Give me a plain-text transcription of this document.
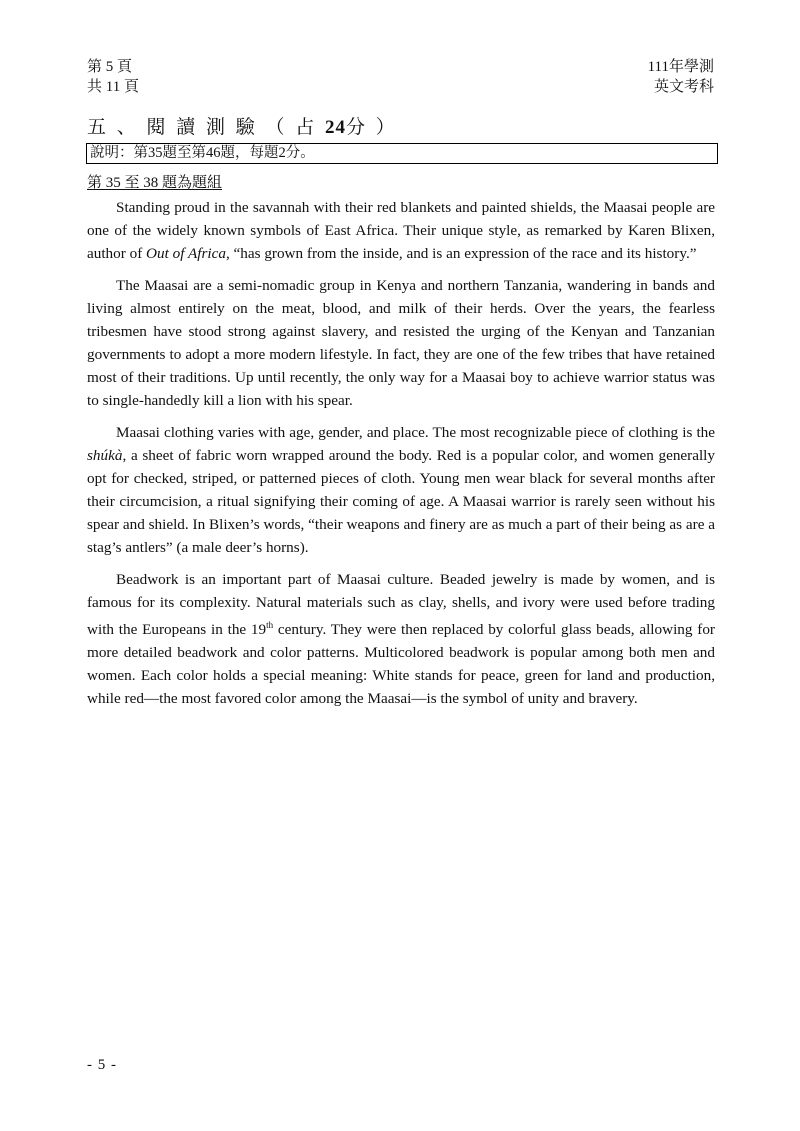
第 5 頁
共 11 頁
111年學測
英文考科
五 、 閱 讀 測 驗 （ 占 24分 ）
說明：第35題至第46題，每題2分。
第 35 至 38 題為題組

Standing proud in the savannah with their red blankets and painted shields, the Maasai people are one of the widely known symbols of East Africa. Their unique style, as remarked by Karen Blixen, author of Out of Africa, “has grown from the inside, and is an expression of the race and its history.”

The Maasai are a semi-nomadic group in Kenya and northern Tanzania, wandering in bands and living almost entirely on the meat, blood, and milk of their herds. Over the years, the fearless tribesmen have stood strong against slavery, and resisted the urging of the Kenyan and Tanzanian governments to adopt a more modern lifestyle. In fact, they are one of the few tribes that have retained most of their traditions. Up until recently, the only way for a Maasai boy to achieve warrior status was to single-handedly kill a lion with his spear.

Maasai clothing varies with age, gender, and place. The most recognizable piece of clothing is the shúkà, a sheet of fabric worn wrapped around the body. Red is a popular color, and women generally opt for checked, striped, or patterned pieces of cloth. Young men wear black for several months after their circumcision, a ritual signifying their coming of age. A Maasai warrior is rarely seen without his spear and shield. In Blixen’s words, “their weapons and finery are as much a part of their being as are a stag’s antlers” (a male deer’s horns).

Beadwork is an important part of Maasai culture. Beaded jewelry is made by women, and is famous for its complexity. Natural materials such as clay, shells, and ivory were used before trading with the Europeans in the 19th century. They were then replaced by colorful glass beads, allowing for more detailed beadwork and color patterns. Multicolored beadwork is popular among both men and women. Each color holds a special meaning: White stands for peace, green for land and production, while red—the most favored color among the Maasai—is the symbol of unity and bravery.

- 5 -
